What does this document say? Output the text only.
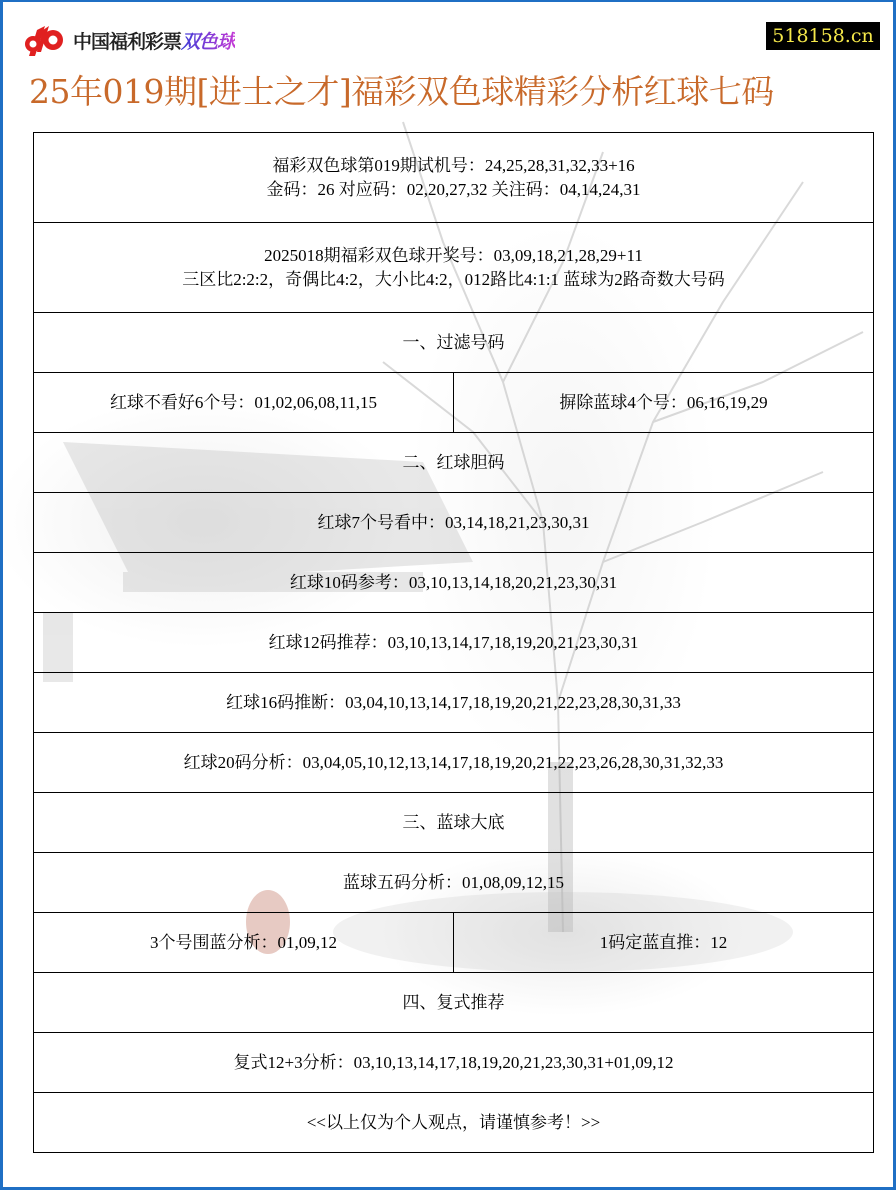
中国福利彩票双色球	518158.cn
25年019期[进士之才]福彩双色球精彩分析红球七码
福彩双色球第019期试机号：24,25,28,31,32,33+16
金码：26 对应码：02,20,27,32 关注码：04,14,24,31	

2025018期福彩双色球开奖号：03,09,18,21,28,29+11
三区比2:2:2，奇偶比4:2，大小比4:2，012路比4:1:1 蓝球为2路奇数大号码	

一、过滤号码	
红球不看好6个号：01,02,06,08,11,15	摒除蓝球4个号：06,16,19,29
二、红球胆码	
红球7个号看中：03,14,18,21,23,30,31	
红球10码参考：03,10,13,14,18,20,21,23,30,31	
红球12码推荐：03,10,13,14,17,18,19,20,21,23,30,31	
红球16码推断：03,04,10,13,14,17,18,19,20,21,22,23,28,30,31,33	
红球20码分析：03,04,05,10,12,13,14,17,18,19,20,21,22,23,26,28,30,31,32,33	
三、蓝球大底	
蓝球五码分析：01,08,09,12,15	
3个号围蓝分析：01,09,12	1码定蓝直推：12
四、复式推荐	
复式12+3分析：03,10,13,14,17,18,19,20,21,23,30,31+01,09,12	
<<以上仅为个人观点，请谨慎参考！>>	
